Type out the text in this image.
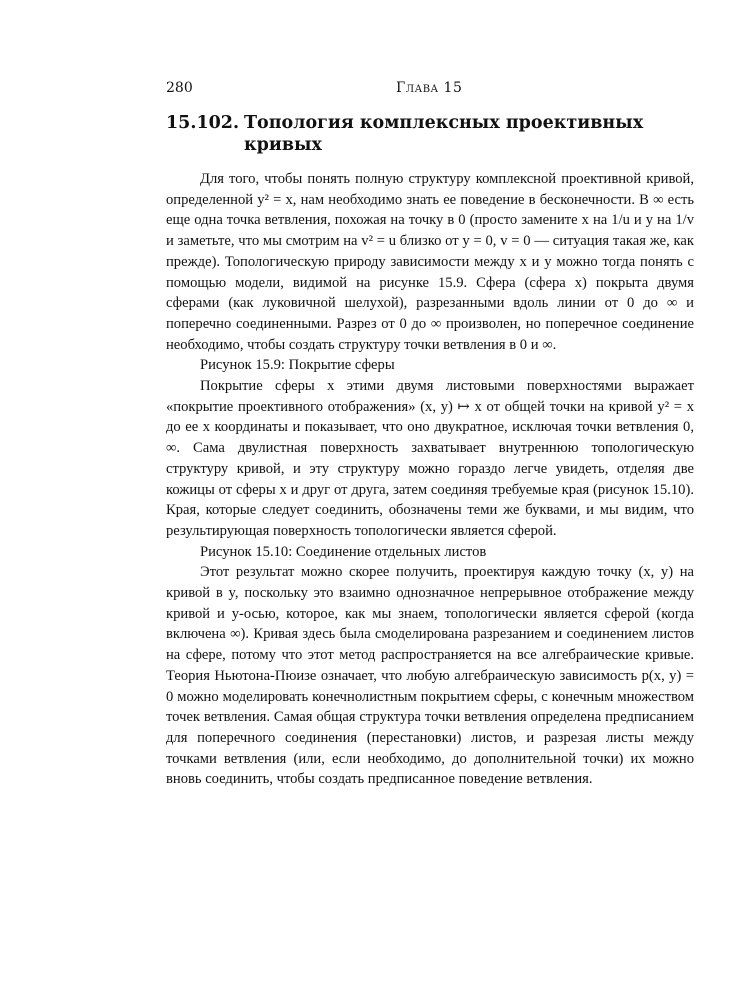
280	Глава 15
15.102. Топология комплексных проективных кривых

Для того, чтобы понять полную структуру комплексной проективной кривой, определенной y² = x, нам необходимо знать ее поведение в бесконечности. В ∞ есть еще одна точка ветвления, похожая на точку в 0 (просто замените x на 1/u и y на 1/v и заметьте, что мы смотрим на v² = u близко от y = 0, v = 0 — ситуация такая же, как прежде). Топологическую природу зависимости между x и y можно тогда понять с помощью модели, видимой на рисунке 15.9. Сфера (сфера x) покрыта двумя сферами (как луковичной шелухой), разрезанными вдоль линии от 0 до ∞ и поперечно соединенными. Разрез от 0 до ∞ произволен, но поперечное соединение необходимо, чтобы создать структуру точки ветвления в 0 и ∞.

Рисунок 15.9: Покрытие сферы

Покрытие сферы x этими двумя листовыми поверхностями выражает «покрытие проективного отображения» (x, y) ↦ x от общей точки на кривой y² = x до ее x координаты и показывает, что оно двукратное, исключая точки ветвления 0, ∞. Сама двулистная поверхность захватывает внутреннюю топологическую структуру кривой, и эту структуру можно гораздо легче увидеть, отделяя две кожицы от сферы x и друг от друга, затем соединяя требуемые края (рисунок 15.10). Края, которые следует соединить, обозначены теми же буквами, и мы видим, что результирующая поверхность топологически является сферой.

Рисунок 15.10: Соединение отдельных листов

Этот результат можно скорее получить, проектируя каждую точку (x, y) на кривой в y, поскольку это взаимно однозначное непрерывное отображение между кривой и y-осью, которое, как мы знаем, топологически является сферой (когда включена ∞). Кривая здесь была смоделирована разрезанием и соединением листов на сфере, потому что этот метод распространяется на все алгебраические кривые. Теория Ньютона-Пюизе означает, что любую алгебраическую зависимость p(x, y) = 0 можно моделировать конечнолистным покрытием сферы, с конечным множеством точек ветвления. Самая общая структура точки ветвления определена предписанием для поперечного соединения (перестановки) листов, и разрезая листы между точками ветвления (или, если необходимо, до дополнительной точки) их можно вновь соединить, чтобы создать предписанное поведение ветвления.
